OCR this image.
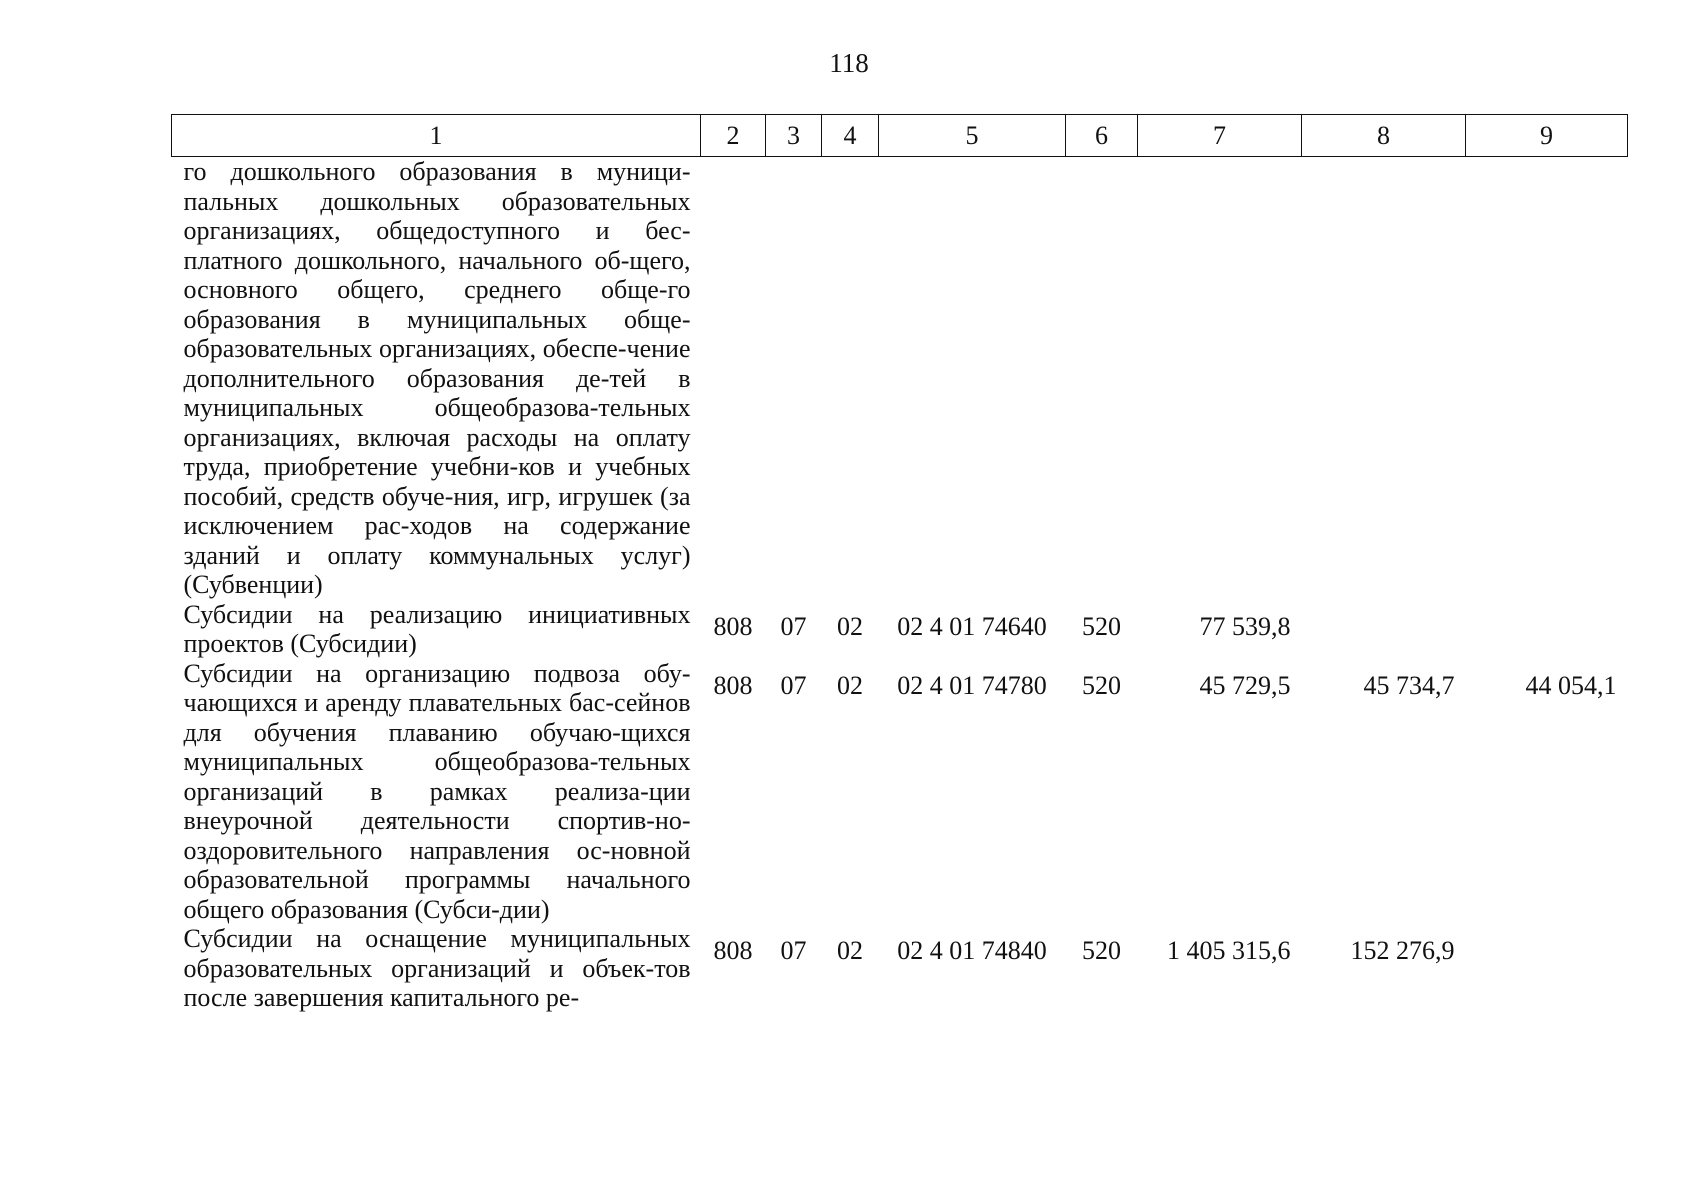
118
1	2	3	4	5	6	7	8	9
го дошкольного образования в муници-пальных дошкольных образовательных организациях, общедоступного и бес-платного дошкольного, начального об-щего, основного общего, среднего обще-го образования в муниципальных обще-образовательных организациях, обеспе-чение дополнительного образования де-тей в муниципальных общеобразова-тельных организациях, включая расходы на оплату труда, приобретение учебни-ков и учебных пособий, средств обуче-ния, игр, игрушек (за исключением рас-ходов на содержание зданий и оплату коммунальных услуг) (Субвенции)								
Субсидии на реализацию инициативных проектов (Субсидии)	808	07	02	02 4 01 74640	520	77 539,8		
Субсидии на организацию подвоза обу-чающихся и аренду плавательных бас-сейнов для обучения плаванию обучаю-щихся муниципальных общеобразова-тельных организаций в рамках реализа-ции внеурочной деятельности спортив-но-оздоровительного направления ос-новной образовательной программы начального общего образования (Субси-дии)	808	07	02	02 4 01 74780	520	45 729,5	45 734,7	44 054,1
Субсидии на оснащение муниципальных образовательных организаций и объек-тов после завершения капитального ре-	808	07	02	02 4 01 74840	520	1 405 315,6	152 276,9	
